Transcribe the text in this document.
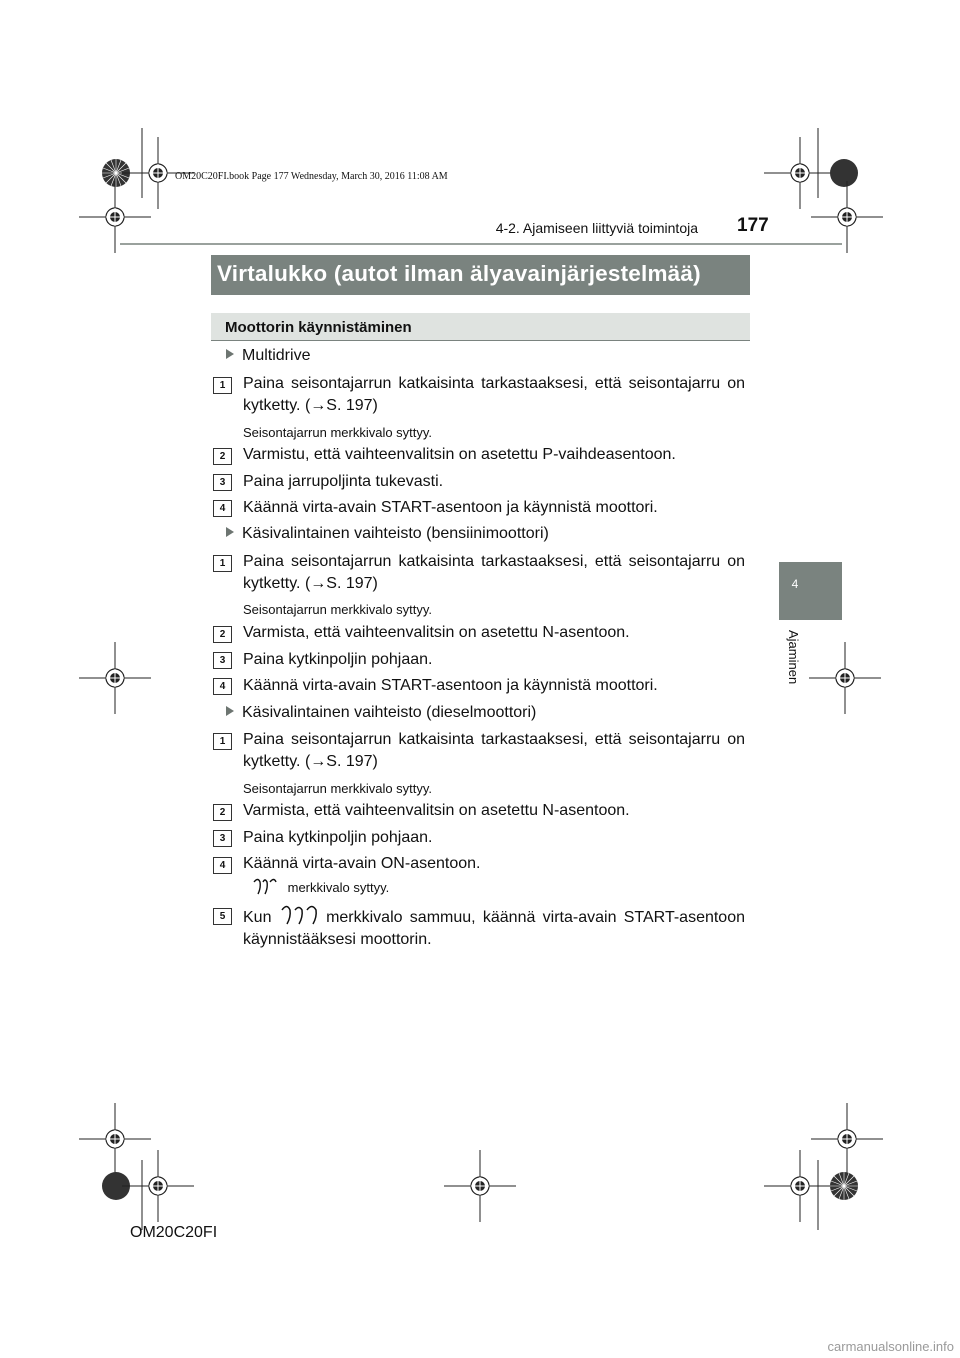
OM20C20FI.book Page 177 Wednesday, March 30, 2016 11:08 AM
4-2. Ajamiseen liittyviä toimintoja 177
Virtalukko (autot ilman älyavainjärjestelmää)
Moottorin käynnistäminen
4
Ajaminen
Multidrive
1	Paina seisontajarrun katkaisinta tarkastaaksesi, että seisontajarru on kytketty. (→S. 197)
Seisontajarrun merkkivalo syttyy.
2	Varmistu, että vaihteenvalitsin on asetettu P-vaihdeasentoon.
3	Paina jarrupoljinta tukevasti.
4	Käännä virta-avain START-asentoon ja käynnistä moottori.
Käsivalintainen vaihteisto (bensiinimoottori)
1	Paina seisontajarrun katkaisinta tarkastaaksesi, että seisontajarru on kytketty. (→S. 197)
Seisontajarrun merkkivalo syttyy.
2	Varmista, että vaihteenvalitsin on asetettu N-asentoon.
3	Paina kytkinpoljin pohjaan.
4	Käännä virta-avain START-asentoon ja käynnistä moottori.
Käsivalintainen vaihteisto (dieselmoottori)
1	Paina seisontajarrun katkaisinta tarkastaaksesi, että seisontajarru on kytketty. (→S. 197)
Seisontajarrun merkkivalo syttyy.
2	Varmista, että vaihteenvalitsin on asetettu N-asentoon.
3	Paina kytkinpoljin pohjaan.
4	Käännä virta-avain ON-asentoon.
merkkivalo syttyy.
5	Kun	merkkivalo sammuu, käännä virta-avain START-asentoon käynnistääksesi moottorin.
OM20C20FI
carmanualsonline.info
